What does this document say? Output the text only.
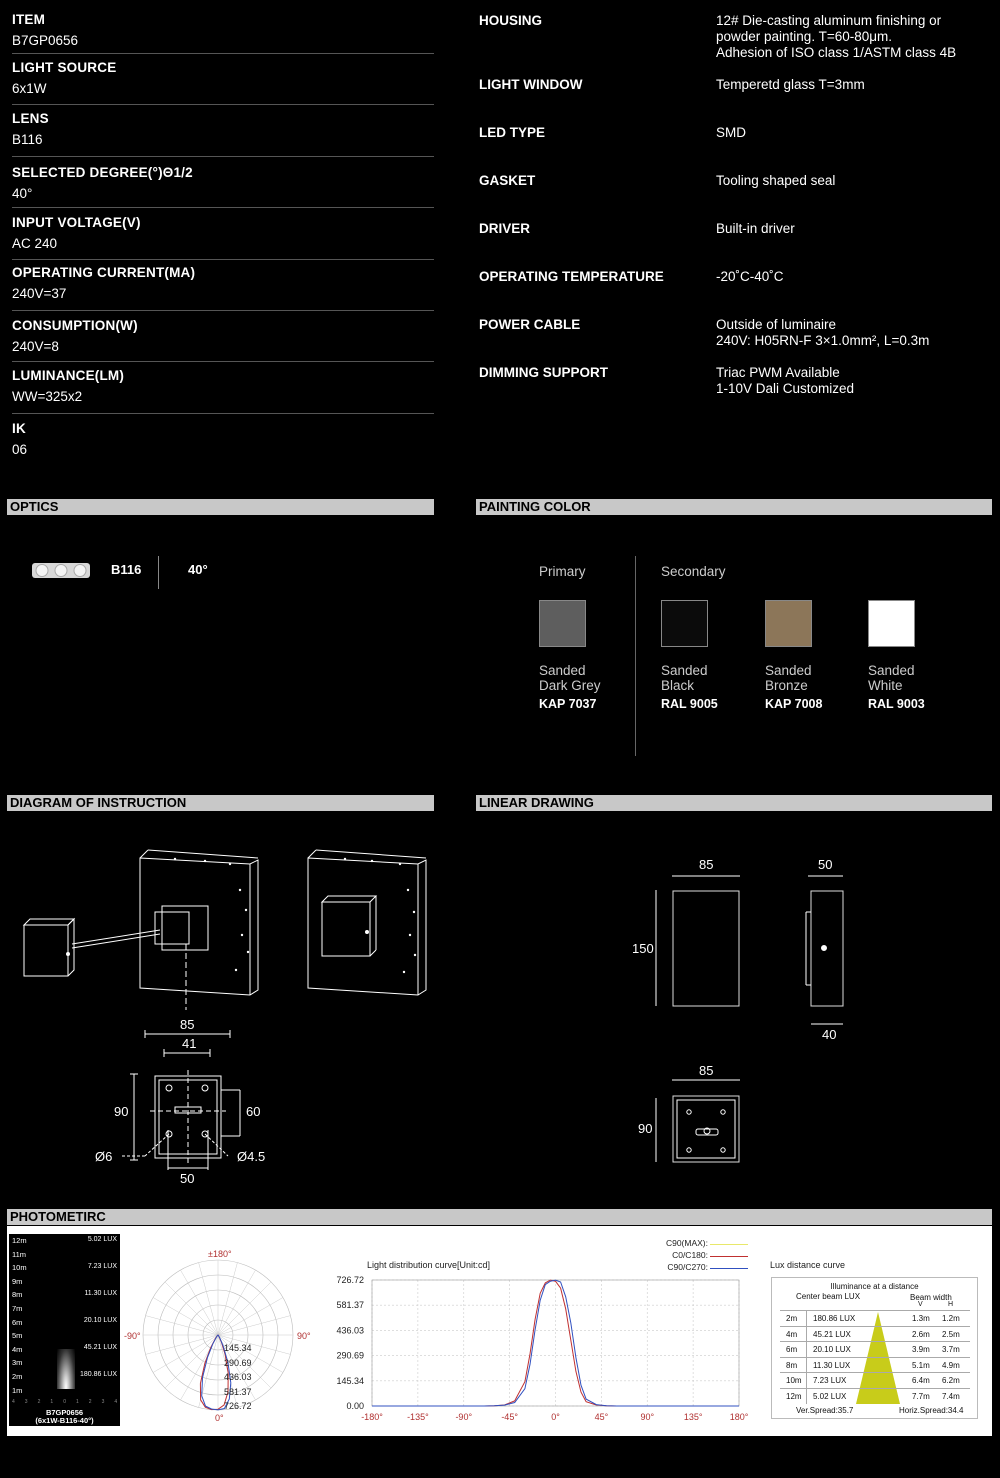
ITEM
B7GP0656
LIGHT SOURCE
6x1W
LENS
B116
SELECTED DEGREE(°)Θ1/2
40°
INPUT VOLTAGE(V)
AC 240
OPERATING CURRENT(MA)
240V=37
CONSUMPTION(W)
240V=8
LUMINANCE(LM)
WW=325x2
IK
06
HOUSING	12# Die-casting aluminum finishing or
powder painting. T=60-80μm.
Adhesion of ISO class 1/ASTM class 4B
LIGHT WINDOW	Temperetd glass T=3mm
LED TYPE	SMD
GASKET	Tooling shaped seal
DRIVER	Built-in driver
OPERATING TEMPERATURE	-20˚C-40˚C
POWER CABLE	Outside of luminaire
240V: H05RN-F 3×1.0mm², L=0.3m
DIMMING SUPPORT	Triac PWM Available
1-10V Dali Customized
OPTICS	PAINTING COLOR
DIAGRAM OF INSTRUCTION	LINEAR DRAWING
PHOTOMETIRC
B116	40°	Primary	Secondary
Sanded
Dark Grey
KAP 7037
Sanded
Black
RAL 9005
Sanded
Bronze
KAP 7008
Sanded
White
RAL 9003
85
41
90	60
Ø6	Ø4.5
50
85
150
50
40
85
90
12m
11m
10m
9m
8m
7m
6m
5m
4m
3m
2m
1m
5.02 LUX
7.23 LUX
11.30 LUX
20.10 LUX
45.21 LUX
180.86 LUX
4 3 2 1 0 1 2 3 4
B7GP0656
(6x1W-B116-40°)
±180°
-90°	90°
0°
145.34
290.69
436.03
581.37
726.72
Light distribution curve[Unit:cd]
C90(MAX):
C0/C180:
C90/C270:
726.72
581.37
436.03
290.69
145.34
0.00
-180°	-135°	-90°	-45°	0°	45°	90°	135°	180°
Lux distance curve
Illuminance at a distance
Center beam LUX	Beam width
V	H
2m 180.86 LUX	1.3m 1.2m
4m 45.21 LUX	2.6m 2.5m
6m 20.10 LUX	3.9m 3.7m
8m 11.30 LUX	5.1m 4.9m
10m 7.23 LUX	6.4m 6.2m
12m 5.02 LUX	7.7m 7.4m
Ver.Spread:35.7	Horiz.Spread:34.4
